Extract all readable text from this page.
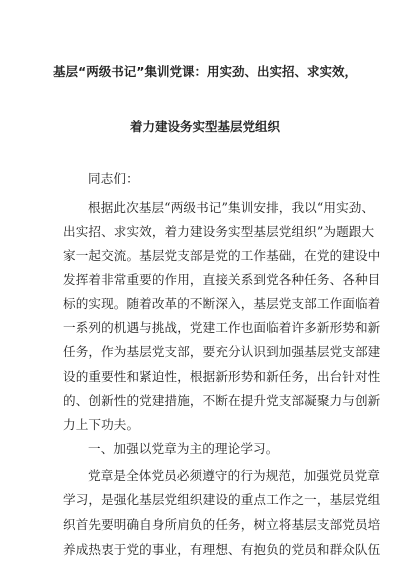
基层“两级书记”集训党课：用实劲、出实招、求实效，
着力建设务实型基层党组织
同志们：
根据此次基层“两级书记”集训安排，我以“用实劲、
出实招、求实效，着力建设务实型基层党组织”为题跟大
家一起交流。基层党支部是党的工作基础，在党的建设中
发挥着非常重要的作用，直接关系到党各种任务、各种目
标的实现。随着改革的不断深入，基层党支部工作面临着
一系列的机遇与挑战，党建工作也面临着许多新形势和新
任务，作为基层党支部，要充分认识到加强基层党支部建
设的重要性和紧迫性，根据新形势和新任务，出台针对性
的、创新性的党建措施，不断在提升党支部凝聚力与创新
力上下功夫。
一、加强以党章为主的理论学习。
党章是全体党员必须遵守的行为规范，加强党员党章
学习，是强化基层党组织建设的重点工作之一，基层党组
织首先要明确自身所肩负的任务，树立将基层支部党员培
养成热衷于党的事业，有理想、有抱负的党员和群众队伍
